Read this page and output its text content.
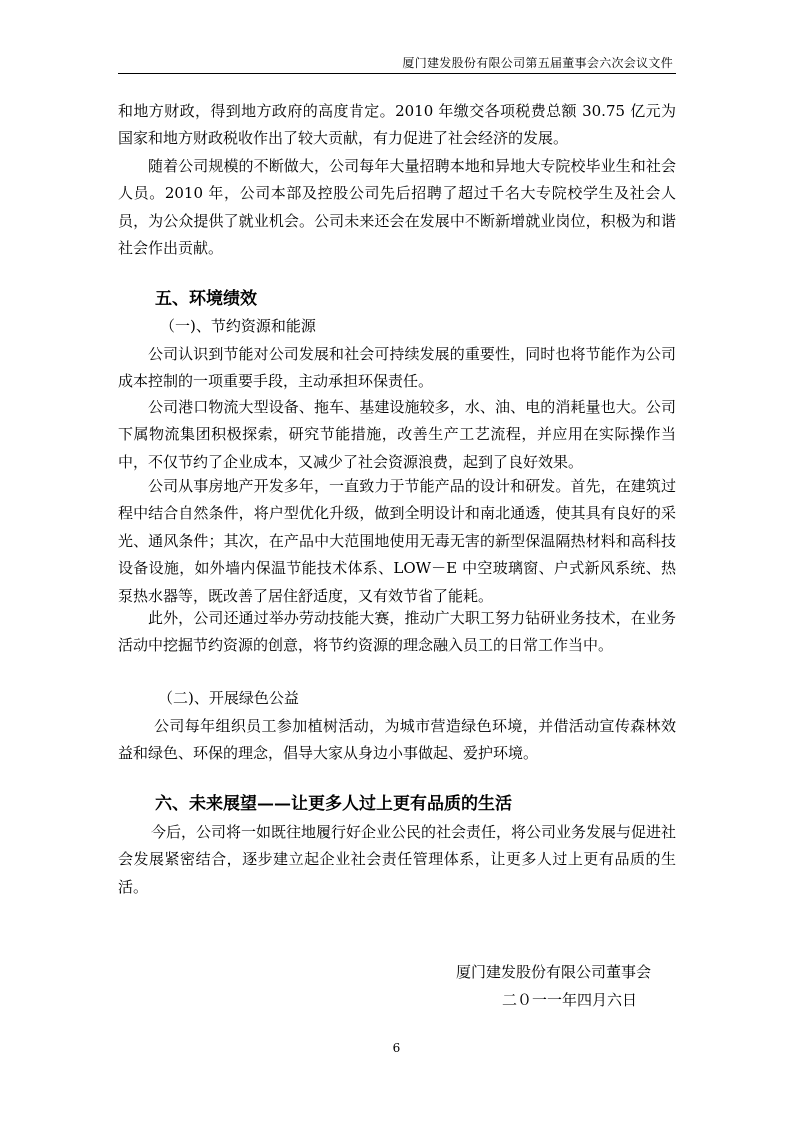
厦门建发股份有限公司第五届董事会六次会议文件

和地方财政，得到地方政府的高度肯定。2010 年缴交各项税费总额 30.75 亿元为国家和地方财政税收作出了较大贡献，有力促进了社会经济的发展。

随着公司规模的不断做大，公司每年大量招聘本地和异地大专院校毕业生和社会人员。2010 年，公司本部及控股公司先后招聘了超过千名大专院校学生及社会人员，为公众提供了就业机会。公司未来还会在发展中不断新增就业岗位，积极为和谐社会作出贡献。

五、环境绩效
（一)、节约资源和能源

公司认识到节能对公司发展和社会可持续发展的重要性，同时也将节能作为公司成本控制的一项重要手段，主动承担环保责任。

公司港口物流大型设备、拖车、基建设施较多，水、油、电的消耗量也大。公司下属物流集团积极探索，研究节能措施，改善生产工艺流程，并应用在实际操作当中，不仅节约了企业成本，又减少了社会资源浪费，起到了良好效果。

公司从事房地产开发多年，一直致力于节能产品的设计和研发。首先，在建筑过程中结合自然条件，将户型优化升级，做到全明设计和南北通透，使其具有良好的采光、通风条件；其次，在产品中大范围地使用无毒无害的新型保温隔热材料和高科技设备设施，如外墙内保温节能技术体系、LOW－E 中空玻璃窗、户式新风系统、热泵热水器等，既改善了居住舒适度，又有效节省了能耗。

此外，公司还通过举办劳动技能大赛，推动广大职工努力钻研业务技术，在业务活动中挖掘节约资源的创意，将节约资源的理念融入员工的日常工作当中。

（二)、开展绿色公益

公司每年组织员工参加植树活动，为城市营造绿色环境，并借活动宣传森林效益和绿色、环保的理念，倡导大家从身边小事做起、爱护环境。

六、未来展望——让更多人过上更有品质的生活

今后，公司将一如既往地履行好企业公民的社会责任，将公司业务发展与促进社会发展紧密结合，逐步建立起企业社会责任管理体系，让更多人过上更有品质的生活。

厦门建发股份有限公司董事会
二０一一年四月六日
6
